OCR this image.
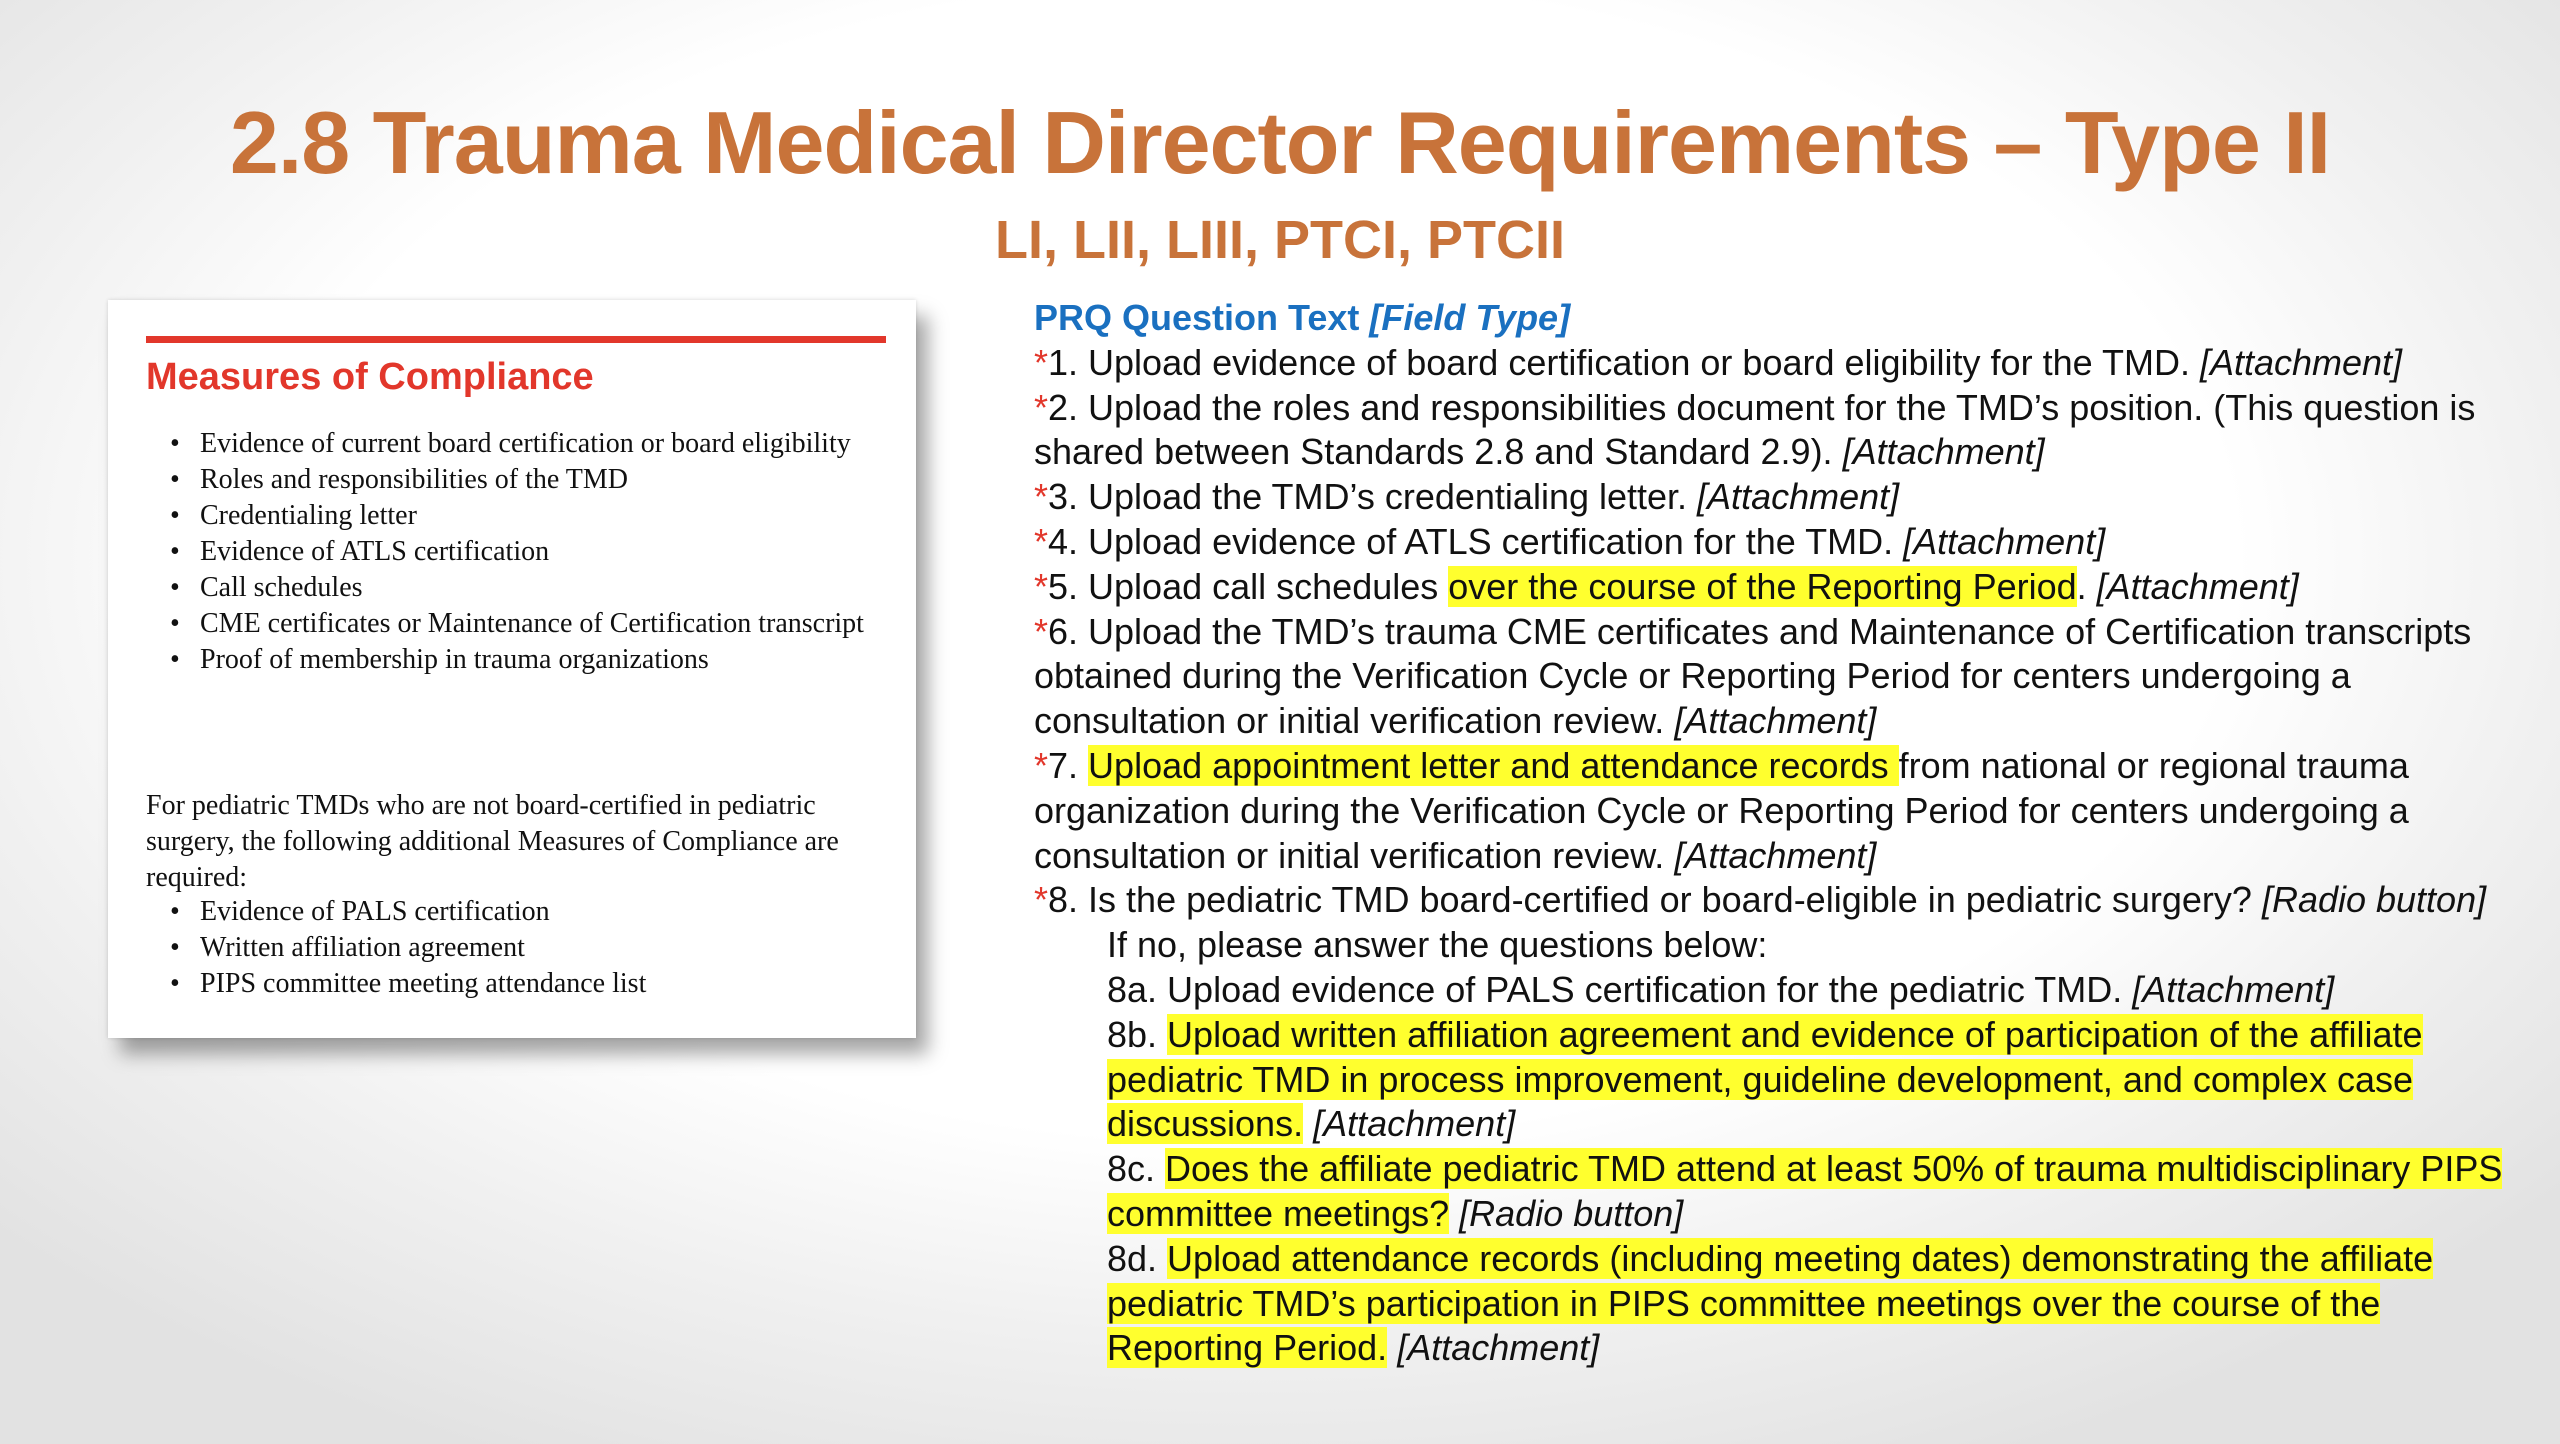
2.8 Trauma Medical Director Requirements – Type II
LI, LII, LIII, PTCI, PTCII
Measures of Compliance
• Evidence of current board certification or board eligibility
• Roles and responsibilities of the TMD
• Credentialing letter
• Evidence of ATLS certification
• Call schedules
• CME certificates or Maintenance of Certification transcript
• Proof of membership in trauma organizations
For pediatric TMDs who are not board-certified in pediatric surgery, the following additional Measures of Compliance are required:
• Evidence of PALS certification
• Written affiliation agreement
• PIPS committee meeting attendance list
PRQ Question Text [Field Type]

*1. Upload evidence of board certification or board eligibility for the TMD. [Attachment]

*2. Upload the roles and responsibilities document for the TMD’s position. (This question is shared between Standards 2.8 and Standard 2.9). [Attachment]

*3. Upload the TMD’s credentialing letter. [Attachment]

*4. Upload evidence of ATLS certification for the TMD. [Attachment]

*5. Upload call schedules over the course of the Reporting Period. [Attachment]

*6. Upload the TMD’s trauma CME certificates and Maintenance of Certification transcripts obtained during the Verification Cycle or Reporting Period for centers undergoing a consultation or initial verification review. [Attachment]

*7. Upload appointment letter and attendance records from national or regional trauma organization during the Verification Cycle or Reporting Period for centers undergoing a consultation or initial verification review. [Attachment]

*8. Is the pediatric TMD board-certified or board-eligible in pediatric surgery? [Radio button]

If no, please answer the questions below:

8a. Upload evidence of PALS certification for the pediatric TMD. [Attachment]

8b. Upload written affiliation agreement and evidence of participation of the affiliate pediatric TMD in process improvement, guideline development, and complex case discussions. [Attachment]

8c. Does the affiliate pediatric TMD attend at least 50% of trauma multidisciplinary PIPS committee meetings? [Radio button]

8d. Upload attendance records (including meeting dates) demonstrating the affiliate pediatric TMD’s participation in PIPS committee meetings over the course of the Reporting Period. [Attachment]
